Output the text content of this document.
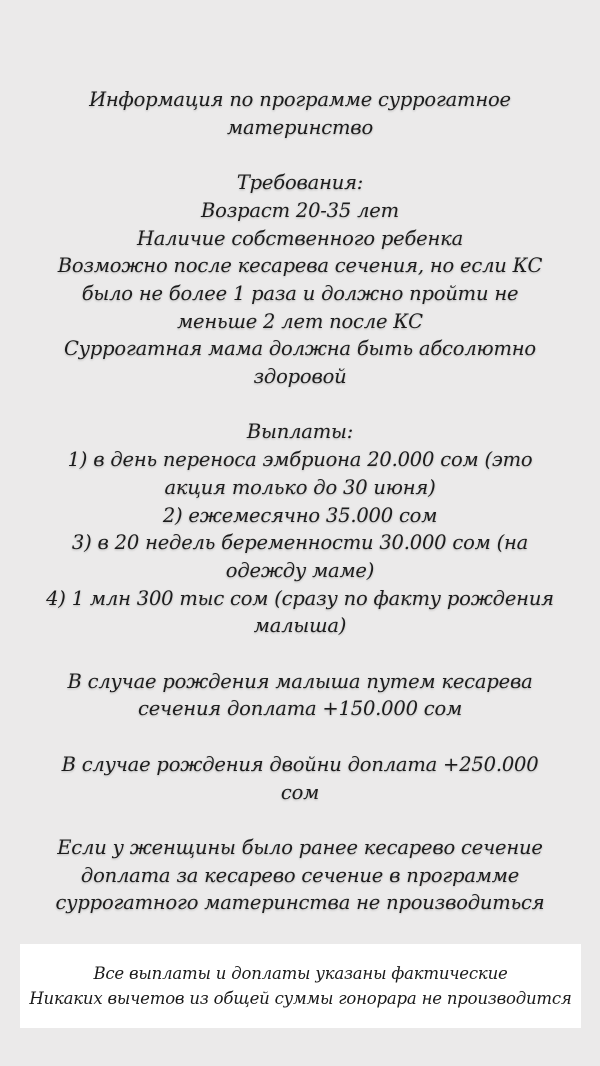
Информация по программе суррогатное
материнство
Требования:
Возраст 20-35 лет
Наличие собственного ребенка
Возможно после кесарева сечения, но если КС
было не более 1 раза и должно пройти не
меньше 2 лет после КС
Суррогатная мама должна быть абсолютно
здоровой
Выплаты:
1) в день переноса эмбриона 20.000 сом (это
акция только до 30 июня)
2) ежемесячно 35.000 сом
3) в 20 недель беременности 30.000 сом (на
одежду маме)
4) 1 млн 300 тыс сом (сразу по факту рождения
малыша)
В случае рождения малыша путем кесарева
сечения доплата +150.000 сом
В случае рождения двойни доплата +250.000
сом
Если у женщины было ранее кесарево сечение
доплата за кесарево сечение в программе
суррогатного материнства не производиться
Все выплаты и доплаты указаны фактические
Никаких вычетов из общей суммы гонорара не производится
